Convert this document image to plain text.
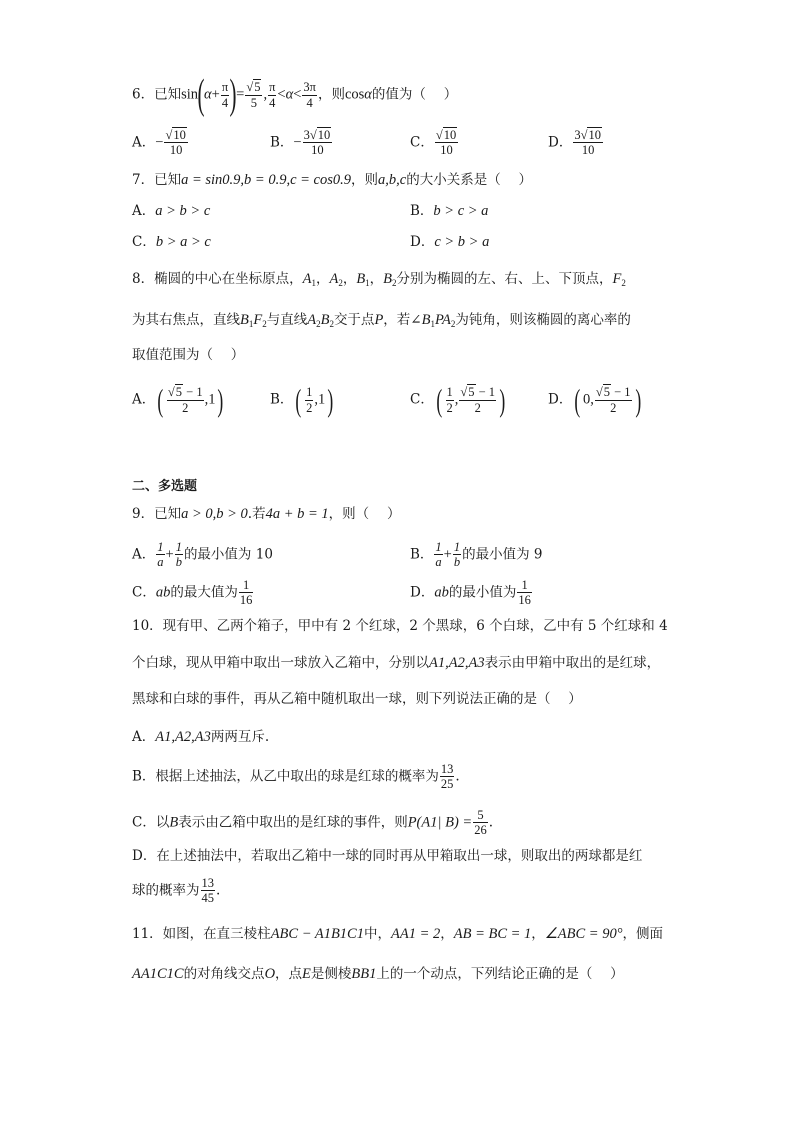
6．已知$\sin(\alpha+ \frac{\pi}{4}$ )= $\frac{√5}{5}$ , $\frac{\pi}{4} <\alpha< \frac{3\pi}{4}$ ，则cosα的值为（　 ）
A．− $\frac{√10}{10}$	B．− $\frac{3√10}{10}$	C． $\frac{√10}{10}$	D． $\frac{3√10}{10}$
7．已知a = sin0.9,b = 0.9,c = cos0.9，则a,b,c的大小关系是（　 ）
A．a > b > c	B．b > c > a
C．b > a > c	D．c > b > a
8．椭圆的中心在坐标原点，$A_1$，$A_2$，$B_1$，$B_2$分别为椭圆的左、右、上、下顶点，$F_2$
为其右焦点，直线$B_1F_2$与直线$A_2B_2$交于点P，若$\angle B_1PA_2$为钝角，则该椭圆的离心率的
取值范围为（　 ）
A．( $\frac{√5 - 1}{2} ,1$)	B．( $\frac{1}{2} ,1$)	C．( $\frac{1}{2}$ , $\frac{√5 - 1}{2}$ )	D．( 0, $\frac{√5 - 1}{2}$ )
二、多选题
9．已知a > 0,b > 0.若4a + b = 1，则（　 ）
A． $\frac{1}{a} + \frac{1}{b}$ 的最小值为 10	B． $\frac{1}{a} + \frac{1}{b}$ 的最小值为 9
C．ab的最大值为 $\frac{1}{16}$	D．ab的最小值为 $\frac{1}{16}$
10．现有甲、乙两个箱子，甲中有 2 个红球，2 个黑球，6 个白球，乙中有 5 个红球和 4
个白球，现从甲箱中取出一球放入乙箱中，分别以A1,A2,A3表示由甲箱中取出的是红球，
黑球和白球的事件，再从乙箱中随机取出一球，则下列说法正确的是（　 ）
A．A1,A2,A3两两互斥.
B．根据上述抽法，从乙中取出的球是红球的概率为 $\frac{13}{25}$ .
C．以B表示由乙箱中取出的是红球的事件，则P(A1| $B) = \frac{5}{26}$ .
D．在上述抽法中，若取出乙箱中一球的同时再从甲箱取出一球，则取出的两球都是红
球的概率为 $\frac{13}{45}$ .
11．如图，在直三棱柱ABC − A1B1C1中，AA1 = 2，AB = BC = 1，∠ABC = 90°，侧面
AA1C1C的对角线交点O，点E是侧棱BB1上的一个动点，下列结论正确的是（　 ）
